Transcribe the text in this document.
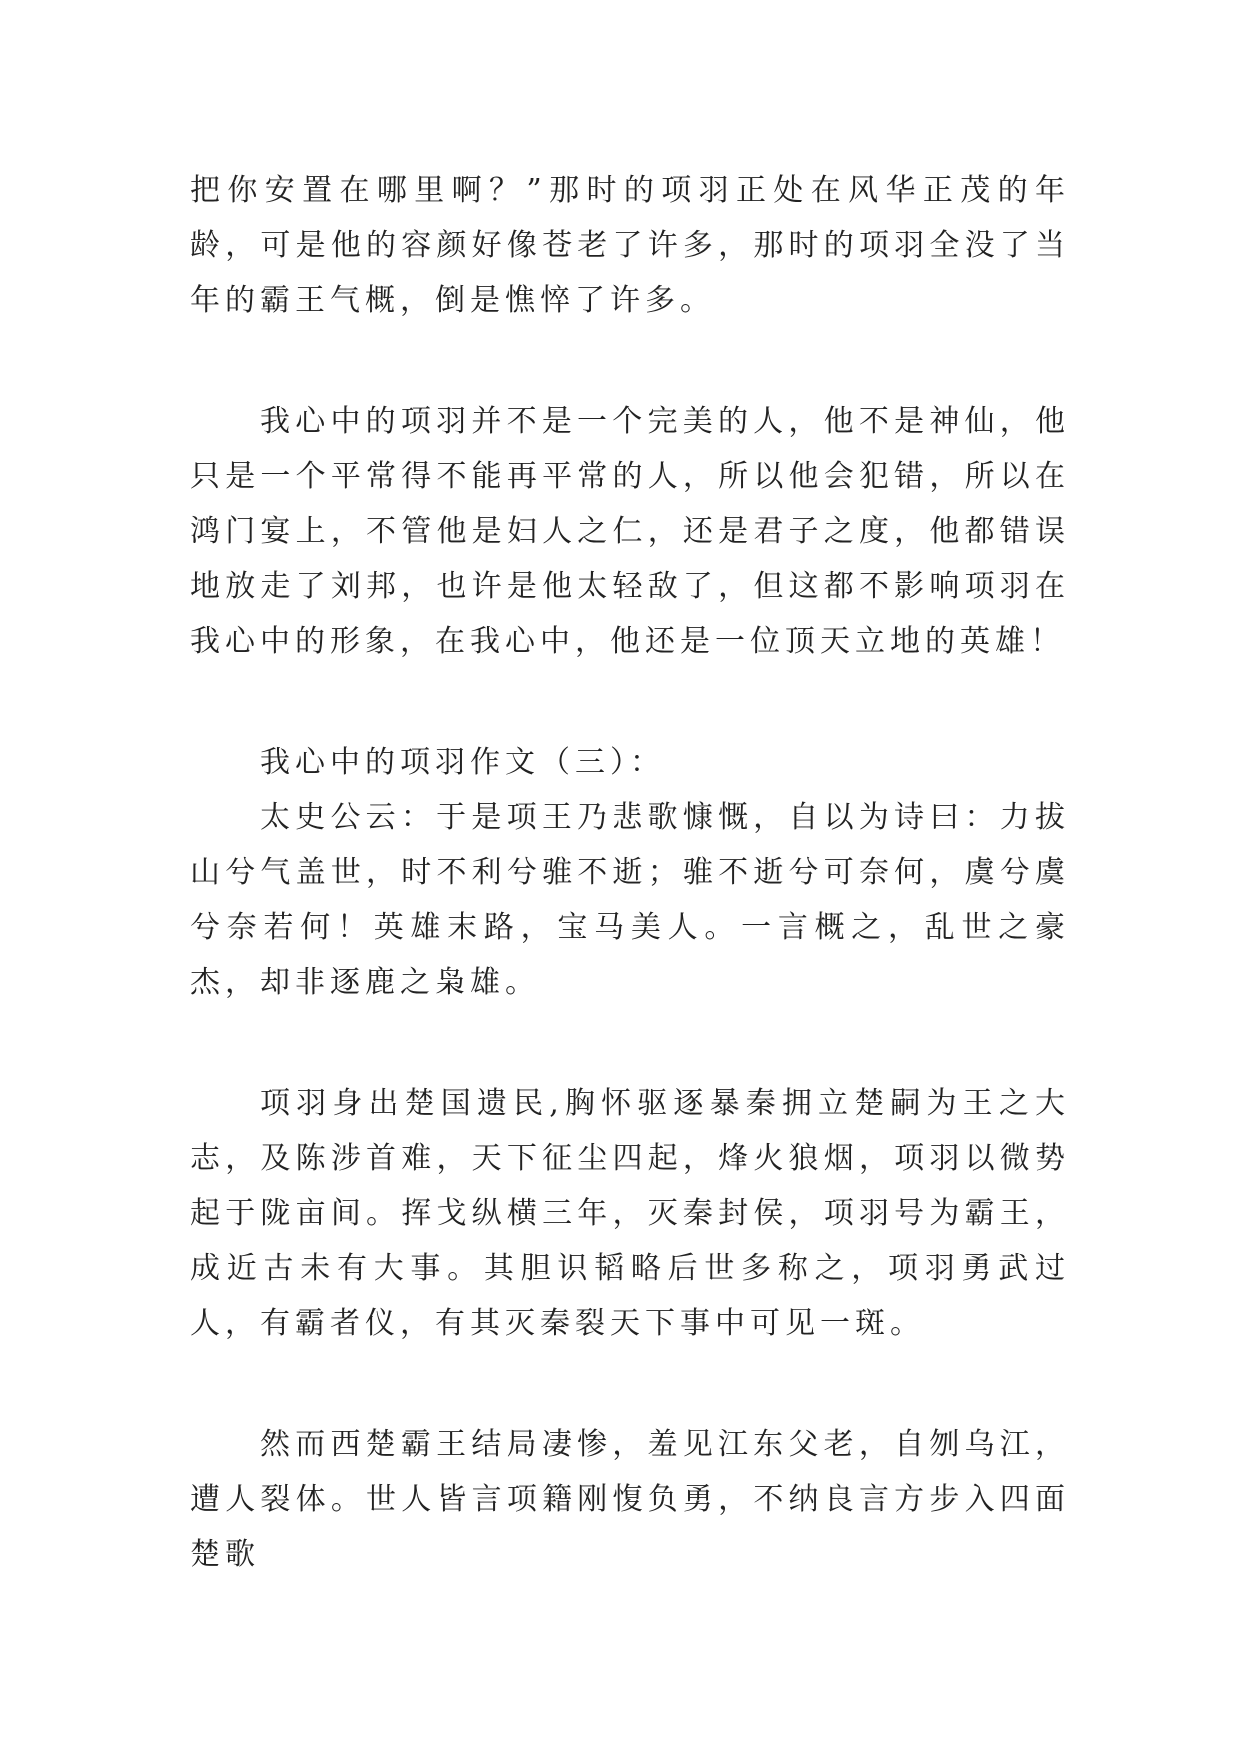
把你安置在哪里啊？”那时的项羽正处在风华正茂的年龄，可是他的容颜好像苍老了许多，那时的项羽全没了当年的霸王气概，倒是憔悴了许多。

我心中的项羽并不是一个完美的人，他不是神仙，他只是一个平常得不能再平常的人，所以他会犯错，所以在鸿门宴上，不管他是妇人之仁，还是君子之度，他都错误地放走了刘邦，也许是他太轻敌了，但这都不影响项羽在我心中的形象，在我心中，他还是一位顶天立地的英雄！

我心中的项羽作文（三）：

太史公云：于是项王乃悲歌慷慨，自以为诗曰：力拔山兮气盖世，时不利兮骓不逝；骓不逝兮可奈何，虞兮虞兮奈若何！英雄末路，宝马美人。一言概之，乱世之豪杰，却非逐鹿之枭雄。

项羽身出楚国遗民,胸怀驱逐暴秦拥立楚嗣为王之大志，及陈涉首难，天下征尘四起，烽火狼烟，项羽以微势起于陇亩间。挥戈纵横三年，灭秦封侯，项羽号为霸王，成近古未有大事。其胆识韬略后世多称之，项羽勇武过人，有霸者仪，有其灭秦裂天下事中可见一斑。

然而西楚霸王结局凄惨，羞见江东父老，自刎乌江，遭人裂体。世人皆言项籍刚愎负勇，不纳良言方步入四面楚歌
